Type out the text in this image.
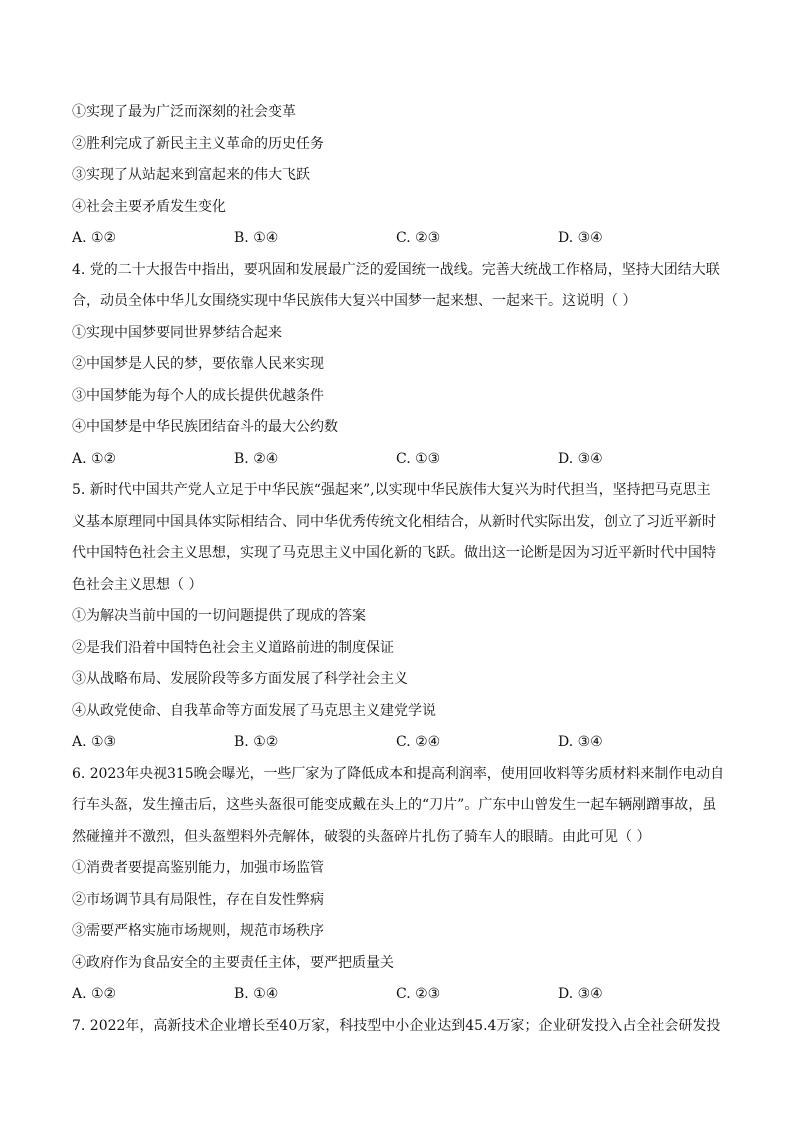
①实现了最为广泛而深刻的社会变革
②胜利完成了新民主主义革命的历史任务
③实现了从站起来到富起来的伟大飞跃
④社会主要矛盾发生变化
A. ①②	B. ①④	C. ②③	D. ③④
4. 党的二十大报告中指出，要巩固和发展最广泛的爱国统一战线。完善大统战工作格局，坚持大团结大联
合，动员全体中华儿女围绕实现中华民族伟大复兴中国梦一起来想、一起来干。这说明（ ）
①实现中国梦要同世界梦结合起来
②中国梦是人民的梦，要依靠人民来实现
③中国梦能为每个人的成长提供优越条件
④中国梦是中华民族团结奋斗的最大公约数
A. ①②	B. ②④	C. ①③	D. ③④
5. 新时代中国共产党人立足于中华民族“强起来”,以实现中华民族伟大复兴为时代担当，坚持把马克思主
义基本原理同中国具体实际相结合、同中华优秀传统文化相结合，从新时代实际出发，创立了习近平新时
代中国特色社会主义思想，实现了马克思主义中国化新的飞跃。做出这一论断是因为习近平新时代中国特
色社会主义思想（ ）
①为解决当前中国的一切问题提供了现成的答案
②是我们沿着中国特色社会主义道路前进的制度保证
③从战略布局、发展阶段等多方面发展了科学社会主义
④从政党使命、自我革命等方面发展了马克思主义建党学说
A. ①③	B. ①②	C. ②④	D. ③④
6. 2023年央视315晚会曝光，一些厂家为了降低成本和提高利润率，使用回收料等劣质材料来制作电动自
行车头盔，发生撞击后，这些头盔很可能变成戴在头上的“刀片”。广东中山曾发生一起车辆剐蹭事故，虽
然碰撞并不激烈，但头盔塑料外壳解体，破裂的头盔碎片扎伤了骑车人的眼睛。由此可见（ ）
①消费者要提高鉴别能力，加强市场监管
②市场调节具有局限性，存在自发性弊病
③需要严格实施市场规则，规范市场秩序
④政府作为食品安全的主要责任主体，要严把质量关
A. ①②	B. ①④	C. ②③	D. ③④
7. 2022年，高新技术企业增长至40万家，科技型中小企业达到45.4万家；企业研发投入占全社会研发投
